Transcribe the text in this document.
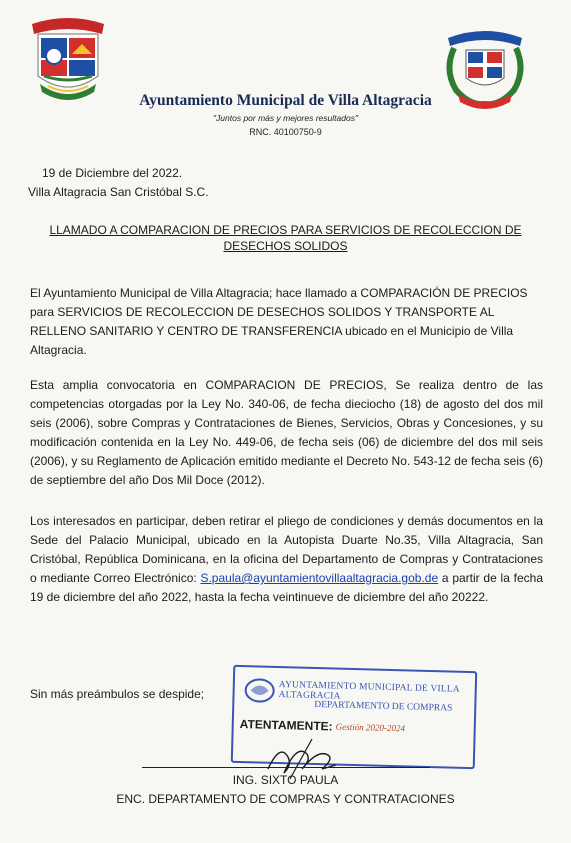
Ayuntamiento Municipal de Villa Altagracia
"Juntos por más y mejores resultados"
RNC. 40100750-9
19 de Diciembre del 2022.
Villa Altagracia San Cristóbal S.C.
LLAMADO A COMPARACION DE PRECIOS PARA SERVICIOS DE RECOLECCION DE
DESECHOS SOLIDOS
El Ayuntamiento Municipal de Villa Altagracia; hace llamado a COMPARACIÓN DE PRECIOS para SERVICIOS DE RECOLECCION DE DESECHOS SOLIDOS Y TRANSPORTE AL RELLENO SANITARIO Y CENTRO DE TRANSFERENCIA ubicado en el Municipio de Villa Altagracia.
Esta amplia convocatoria en COMPARACION DE PRECIOS, Se realiza dentro de las competencias otorgadas por la Ley No. 340-06, de fecha dieciocho (18) de agosto del dos mil seis (2006), sobre Compras y Contrataciones de Bienes, Servicios, Obras y Concesiones, y su modificación contenida en la Ley No. 449-06, de fecha seis (06) de diciembre del dos mil seis (2006), y su Reglamento de Aplicación emitido mediante el Decreto No. 543-12 de fecha seis (6) de septiembre del año Dos Mil Doce (2012).
Los interesados en participar, deben retirar el pliego de condiciones y demás documentos en la Sede del Palacio Municipal, ubicado en la Autopista Duarte No.35, Villa Altagracia, San Cristóbal, República Dominicana, en la oficina del Departamento de Compras y Contrataciones o mediante Correo Electrónico: S.paula@ayuntamientovillaaltagracia.gob.de a partir de la fecha 19 de diciembre del año 2022, hasta la fecha veintinueve de diciembre del año 20222.
Sin más preámbulos se despide;	AYUNTAMIENTO MUNICIPAL DE VILLA ALTAGRACIA
DEPARTAMENTO DE COMPRAS
ATENTAMENTE: Gestión 2020-2024
ING. SIXTO PAULA
ENC. DEPARTAMENTO DE COMPRAS Y CONTRATACIONES
